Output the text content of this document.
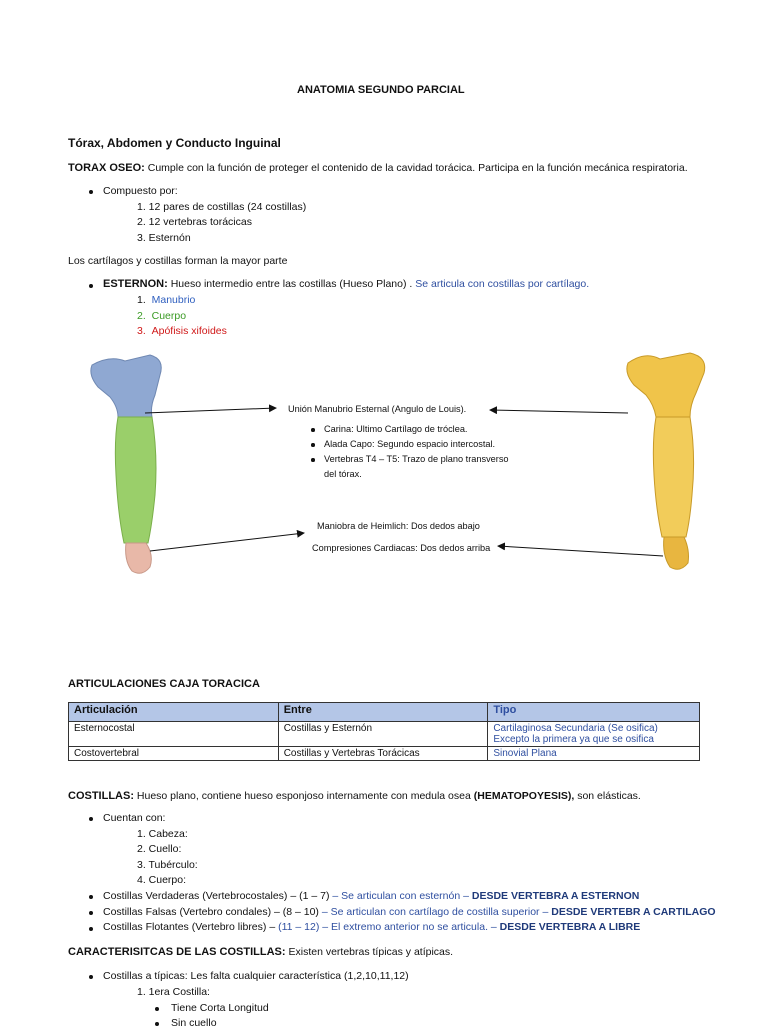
ANATOMIA SEGUNDO PARCIAL
Tórax, Abdomen y Conducto Inguinal
TORAX OSEO: Cumple con la función de proteger el contenido de la cavidad torácica. Participa en la función mecánica respiratoria.
Compuesto por:
1. 12 pares de costillas (24 costillas)
2. 12 vertebras torácicas
3. Esternón
Los cartílagos y costillas forman la mayor parte
ESTERNON: Hueso intermedio entre las costillas (Hueso Plano) . Se articula con costillas por cartílago.
1. Manubrio
2. Cuerpo
3. Apófisis xifoides
Unión Manubrio Esternal (Angulo de Louis).
Carina: Ultimo Cartílago de tróclea.
Alada Capo: Segundo espacio intercostal.
Vertebras T4 – T5: Trazo de plano transverso
del tórax.
Maniobra de Heimlich: Dos dedos abajo
Compresiones Cardiacas: Dos dedos arriba
ARTICULACIONES CAJA TORACICA
Articulación	Entre	Tipo
Esternocostal	Costillas y Esternón	Cartilaginosa Secundaria (Se osifica)
Excepto la primera ya que se osifica

Costovertebral	Costillas y Vertebras Torácicas	Sinovial Plana
COSTILLAS: Hueso plano, contiene hueso esponjoso internamente con medula osea (HEMATOPOYESIS), son elásticas.
Cuentan con:
1. Cabeza:
2. Cuello:
3. Tubérculo:
4. Cuerpo:
Costillas Verdaderas (Vertebrocostales) – (1 – 7) – Se articulan con esternón – DESDE VERTEBRA A ESTERNON
Costillas Falsas (Vertebro condales) – (8 – 10) – Se articulan con cartílago de costilla superior – DESDE VERTEBR A CARTILAGO
Costillas Flotantes (Vertebro libres) – (11 – 12) – El extremo anterior no se articula. – DESDE VERTEBRA A LIBRE
CARACTERISITCAS DE LAS COSTILLAS: Existen vertebras típicas y atípicas.
Costillas a típicas: Les falta cualquier característica (1,2,10,11,12)
1. 1era Costilla:
Tiene Corta Longitud
Sin cuello
